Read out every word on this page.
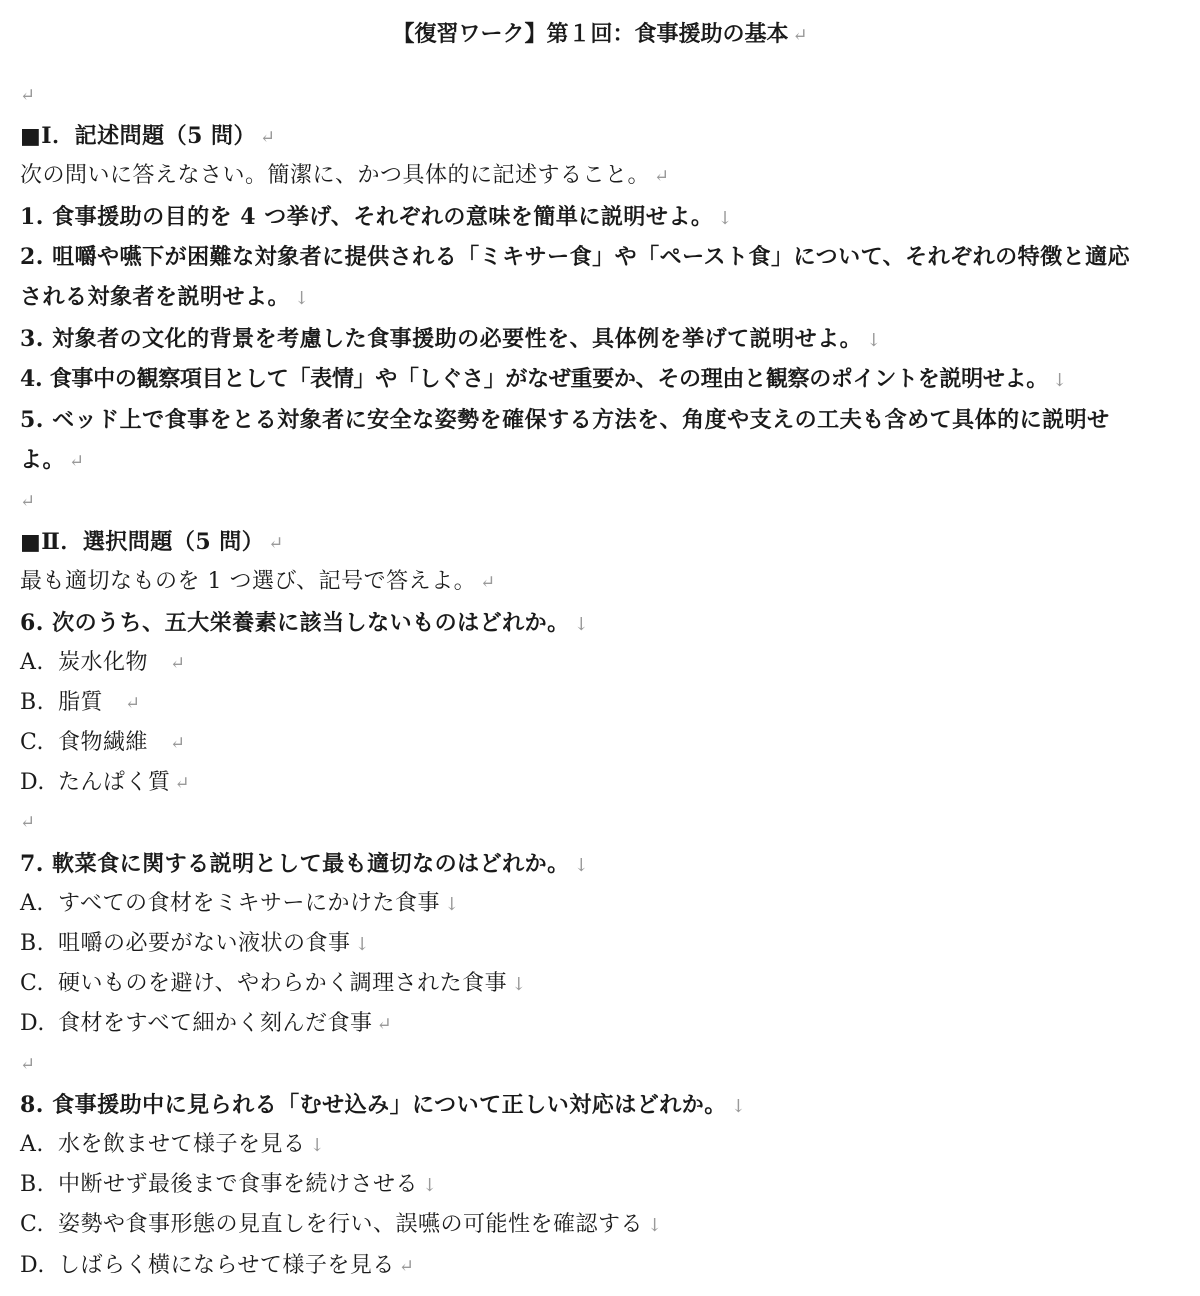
【復習ワーク】第１回：食事援助の基本 ↵
↵
■Ⅰ．記述問題（5 問） ↵
次の問いに答えなさい。簡潔に、かつ具体的に記述すること。 ↵
1. 食事援助の目的を 4 つ挙げ、それぞれの意味を簡単に説明せよ。 ↓
2. 咀嚼や嚥下が困難な対象者に提供される「ミキサー食」や「ペースト食」について、それぞれの特徴と適応される対象者を説明せよ。 ↓
3. 対象者の文化的背景を考慮した食事援助の必要性を、具体例を挙げて説明せよ。 ↓
4. 食事中の観察項目として「表情」や「しぐさ」がなぜ重要か、その理由と観察のポイントを説明せよ。 ↓
5. ベッド上で食事をとる対象者に安全な姿勢を確保する方法を、角度や支えの工夫も含めて具体的に説明せよ。 ↵
↵
■Ⅱ．選択問題（5 問） ↵
最も適切なものを 1 つ選び、記号で答えよ。 ↵
6. 次のうち、五大栄養素に該当しないものはどれか。 ↓
A. 炭水化物 ↵
B. 脂質 ↵
C. 食物繊維 ↵
D. たんぱく質 ↵
↵
7. 軟菜食に関する説明として最も適切なのはどれか。 ↓
A. すべての食材をミキサーにかけた食事 ↓
B. 咀嚼の必要がない液状の食事 ↓
C. 硬いものを避け、やわらかく調理された食事 ↓
D. 食材をすべて細かく刻んだ食事 ↵
↵
8. 食事援助中に見られる「むせ込み」について正しい対応はどれか。 ↓
A. 水を飲ませて様子を見る ↓
B. 中断せず最後まで食事を続けさせる ↓
C. 姿勢や食事形態の見直しを行い、誤嚥の可能性を確認する ↓
D. しばらく横にならせて様子を見る ↵
